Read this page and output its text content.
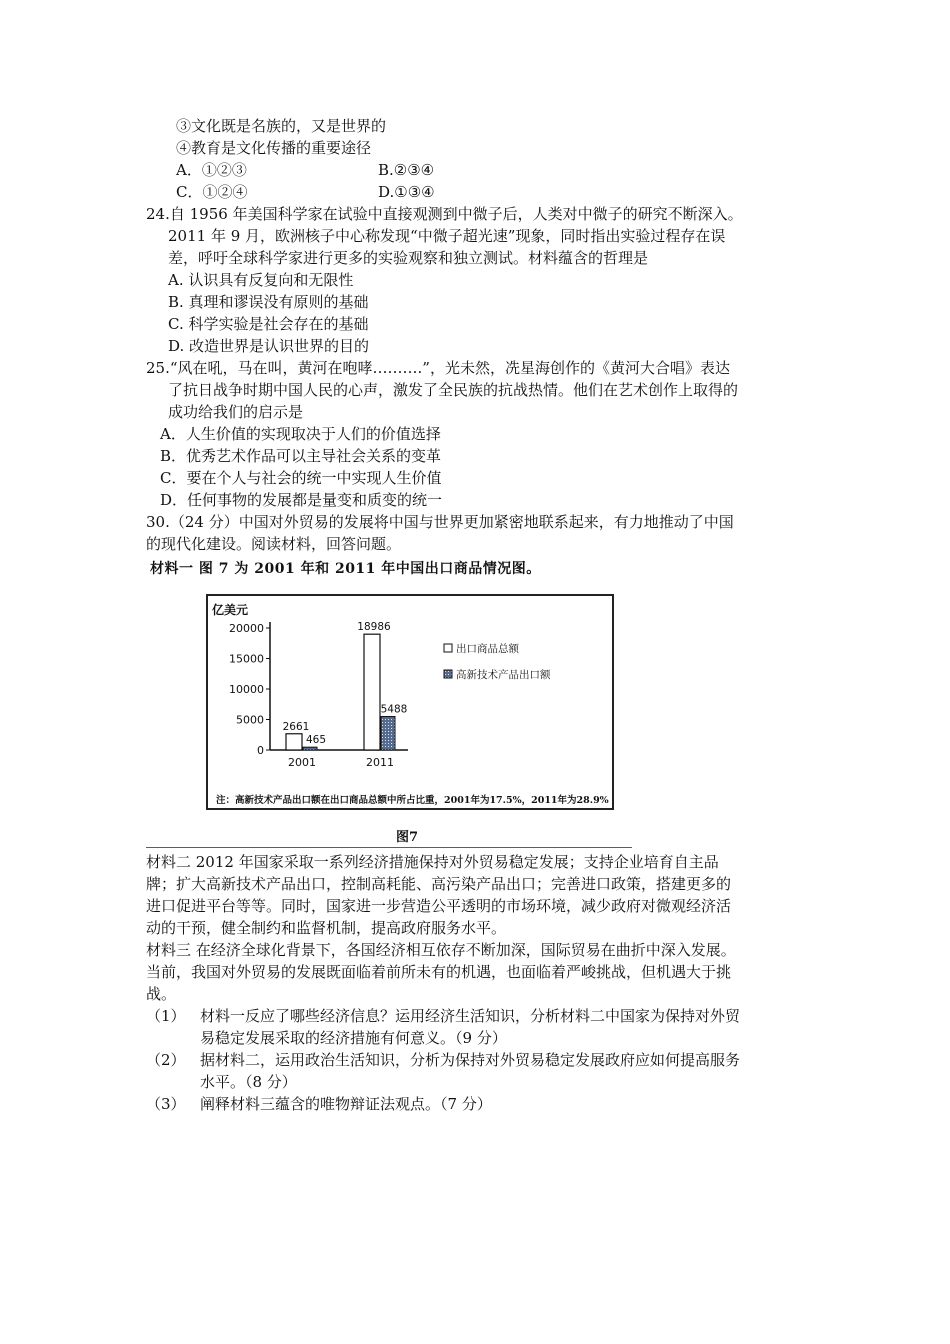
③文化既是名族的，又是世界的
④教育是文化传播的重要途径
A．①②③	B.②③④
C．①②④	D.①③④
24.自 1956 年美国科学家在试验中直接观测到中微子后，人类对中微子的研究不断深入。
2011 年 9 月，欧洲核子中心称发现“中微子超光速”现象，同时指出实验过程存在误
差，呼吁全球科学家进行更多的实验观察和独立测试。材料蕴含的哲理是
A. 认识具有反复向和无限性
B. 真理和谬误没有原则的基础
C. 科学实验是社会存在的基础
D. 改造世界是认识世界的目的
25.“风在吼，马在叫，黄河在咆哮……….”，光未然，冼星海创作的《黄河大合唱》表达
了抗日战争时期中国人民的心声，激发了全民族的抗战热情。他们在艺术创作上取得的
成功给我们的启示是
A．人生价值的实现取决于人们的价值选择
B．优秀艺术作品可以主导社会关系的变革
C．要在个人与社会的统一中实现人生价值
D．任何事物的发展都是量变和质变的统一
30.（24 分）中国对外贸易的发展将中国与世界更加紧密地联系起来，有力地推动了中国
的现代化建设。阅读材料，回答问题。
材料一 图 7 为 2001 年和 2011 年中国出口商品情况图。
亿美元
0
5000
10000
15000
20000
2661
465
2001
18986
5488
2011
出口商品总额
高新技术产品出口额
注：高新技术产品出口额在出口商品总额中所占比重，2001年为17.5%，2011年为28.9%
图7
材料二 2012 年国家采取一系列经济措施保持对外贸易稳定发展；支持企业培育自主品
牌；扩大高新技术产品出口，控制高耗能、高污染产品出口；完善进口政策，搭建更多的
进口促进平台等等。同时，国家进一步营造公平透明的市场环境，减少政府对微观经济活
动的干预，健全制约和监督机制，提高政府服务水平。
材料三 在经济全球化背景下，各国经济相互依存不断加深，国际贸易在曲折中深入发展。
当前，我国对外贸易的发展既面临着前所未有的机遇，也面临着严峻挑战，但机遇大于挑
战。
（1） 材料一反应了哪些经济信息？运用经济生活知识，分析材料二中国家为保持对外贸
易稳定发展采取的经济措施有何意义。（9 分）
（2） 据材料二，运用政治生活知识，分析为保持对外贸易稳定发展政府应如何提高服务
水平。（8 分）
（3） 阐释材料三蕴含的唯物辩证法观点。（7 分）
